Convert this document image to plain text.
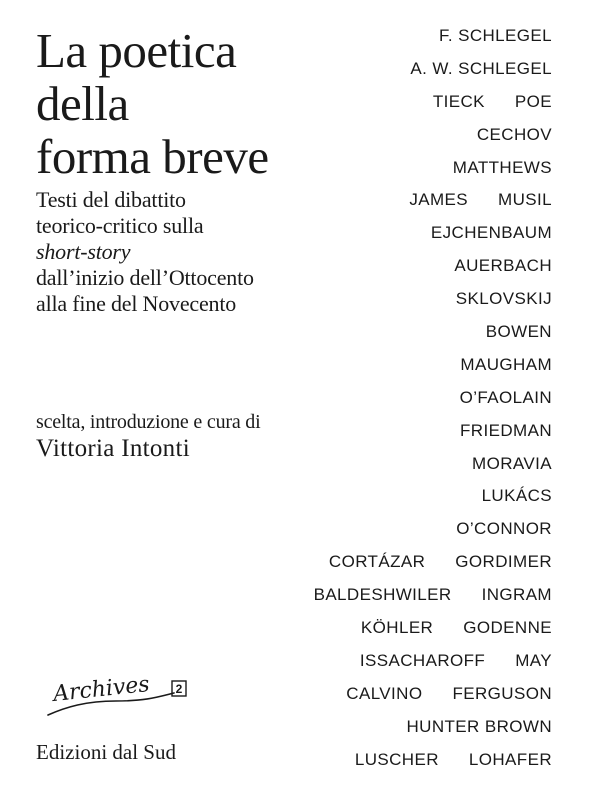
La poetica
della
forma breve
Testi del dibattito
teorico-critico sulla
short-story
dall’inizio dell’Ottocento
alla fine del Novecento
scelta, introduzione e cura di
Vittoria Intonti
Archives 2
Edizioni dal Sud
F. SCHLEGEL
A. W. SCHLEGEL
TIECK POE
CECHOV
MATTHEWS
JAMES MUSIL
EJCHENBAUM
AUERBACH
SKLOVSKIJ
BOWEN
MAUGHAM
O’FAOLAIN
FRIEDMAN
MORAVIA
LUKÁCS
O’CONNOR
CORTÁZAR GORDIMER
BALDESHWILER INGRAM
KÖHLER GODENNE
ISSACHAROFF MAY
CALVINO FERGUSON
HUNTER BROWN
LUSCHER LOHAFER
